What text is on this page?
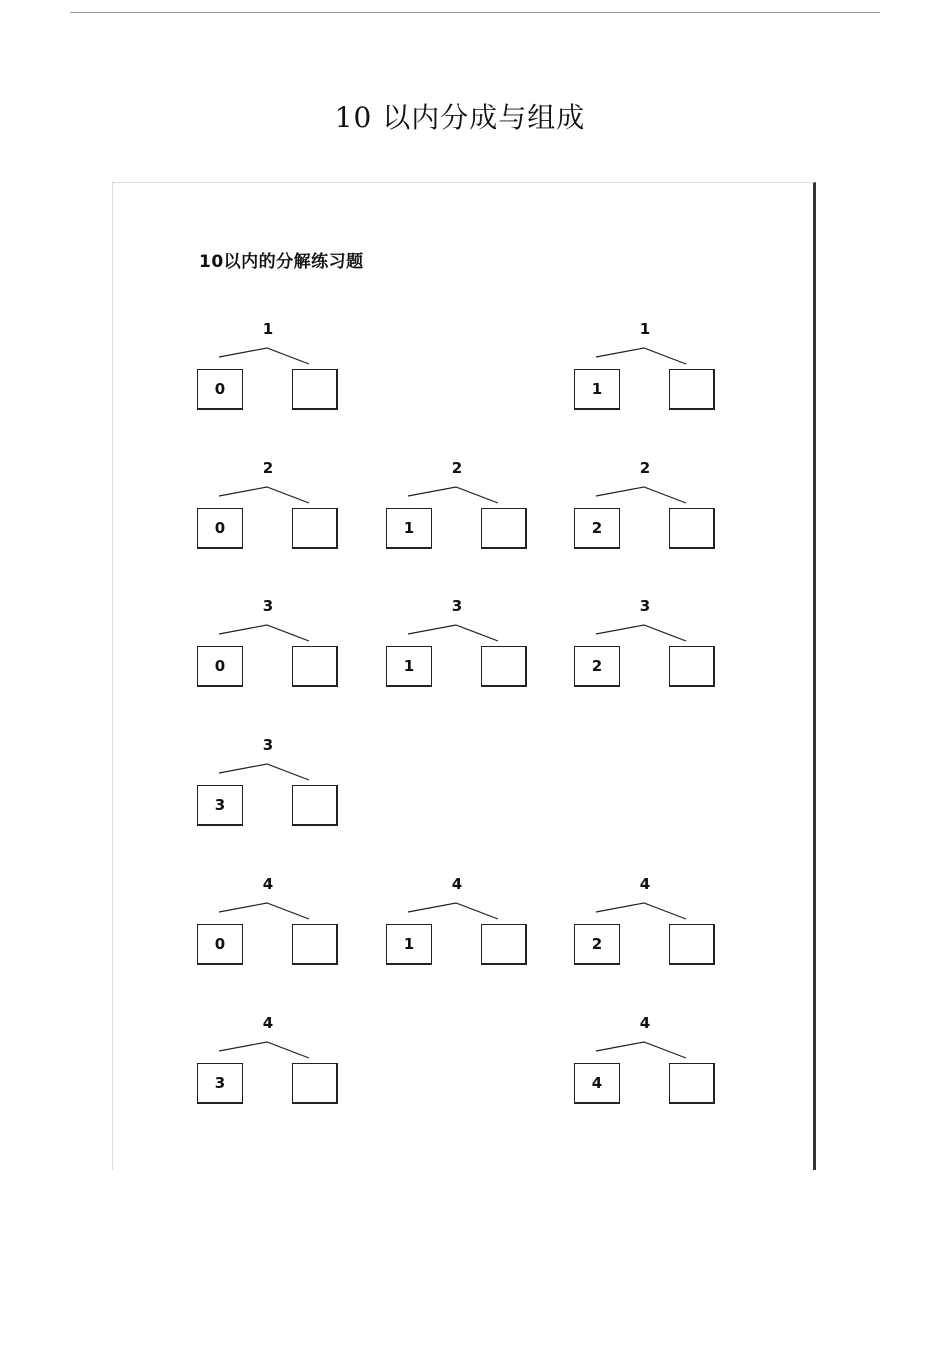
10 以内分成与组成
10以内的分解练习题
1
0
1
1
2
0
2
1
2
2
3
0
3
1
3
2
3
3
4
0
4
1
4
2
4
3
4
4
